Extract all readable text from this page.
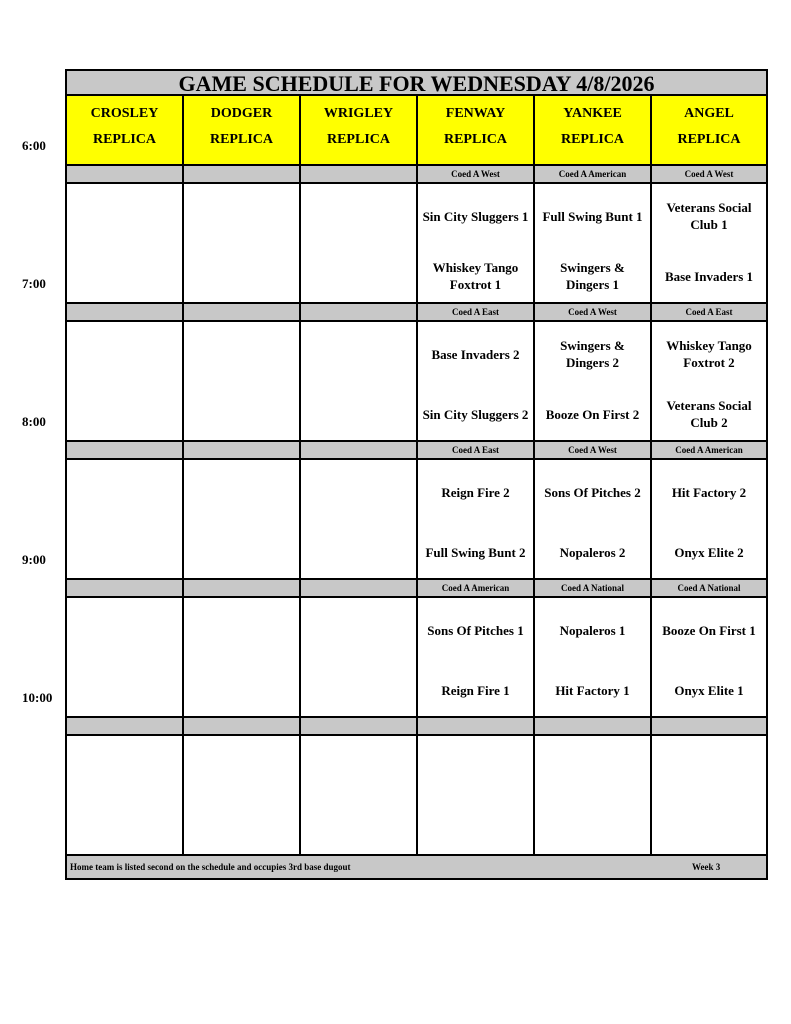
6:00
7:00
8:00
9:00
10:00
GAME SCHEDULE FOR WEDNESDAY 4/8/2026
CROSLEY
REPLICA
DODGER
REPLICA
WRIGLEY
REPLICA
FENWAY
REPLICA
YANKEE
REPLICA
ANGEL
REPLICA
Coed A West
Sin City Sluggers 1
Whiskey Tango Foxtrot 1
Coed A American
Full Swing Bunt 1
Swingers & Dingers 1
Coed A West
Veterans Social Club 1
Base Invaders 1
Coed A East
Base Invaders 2
Sin City Sluggers 2
Coed A West
Swingers & Dingers 2
Booze On First 2
Coed A East
Whiskey Tango Foxtrot 2
Veterans Social Club 2
Coed A East
Reign Fire 2
Full Swing Bunt 2
Coed A West
Sons Of Pitches 2
Nopaleros 2
Coed A American
Hit Factory 2
Onyx Elite 2
Coed A American
Sons Of Pitches 1
Reign Fire 1
Coed A National
Nopaleros 1
Hit Factory 1
Coed A National
Booze On First 1
Onyx Elite 1
Home team is listed second on the schedule and occupies 3rd base dugout	Week 3
